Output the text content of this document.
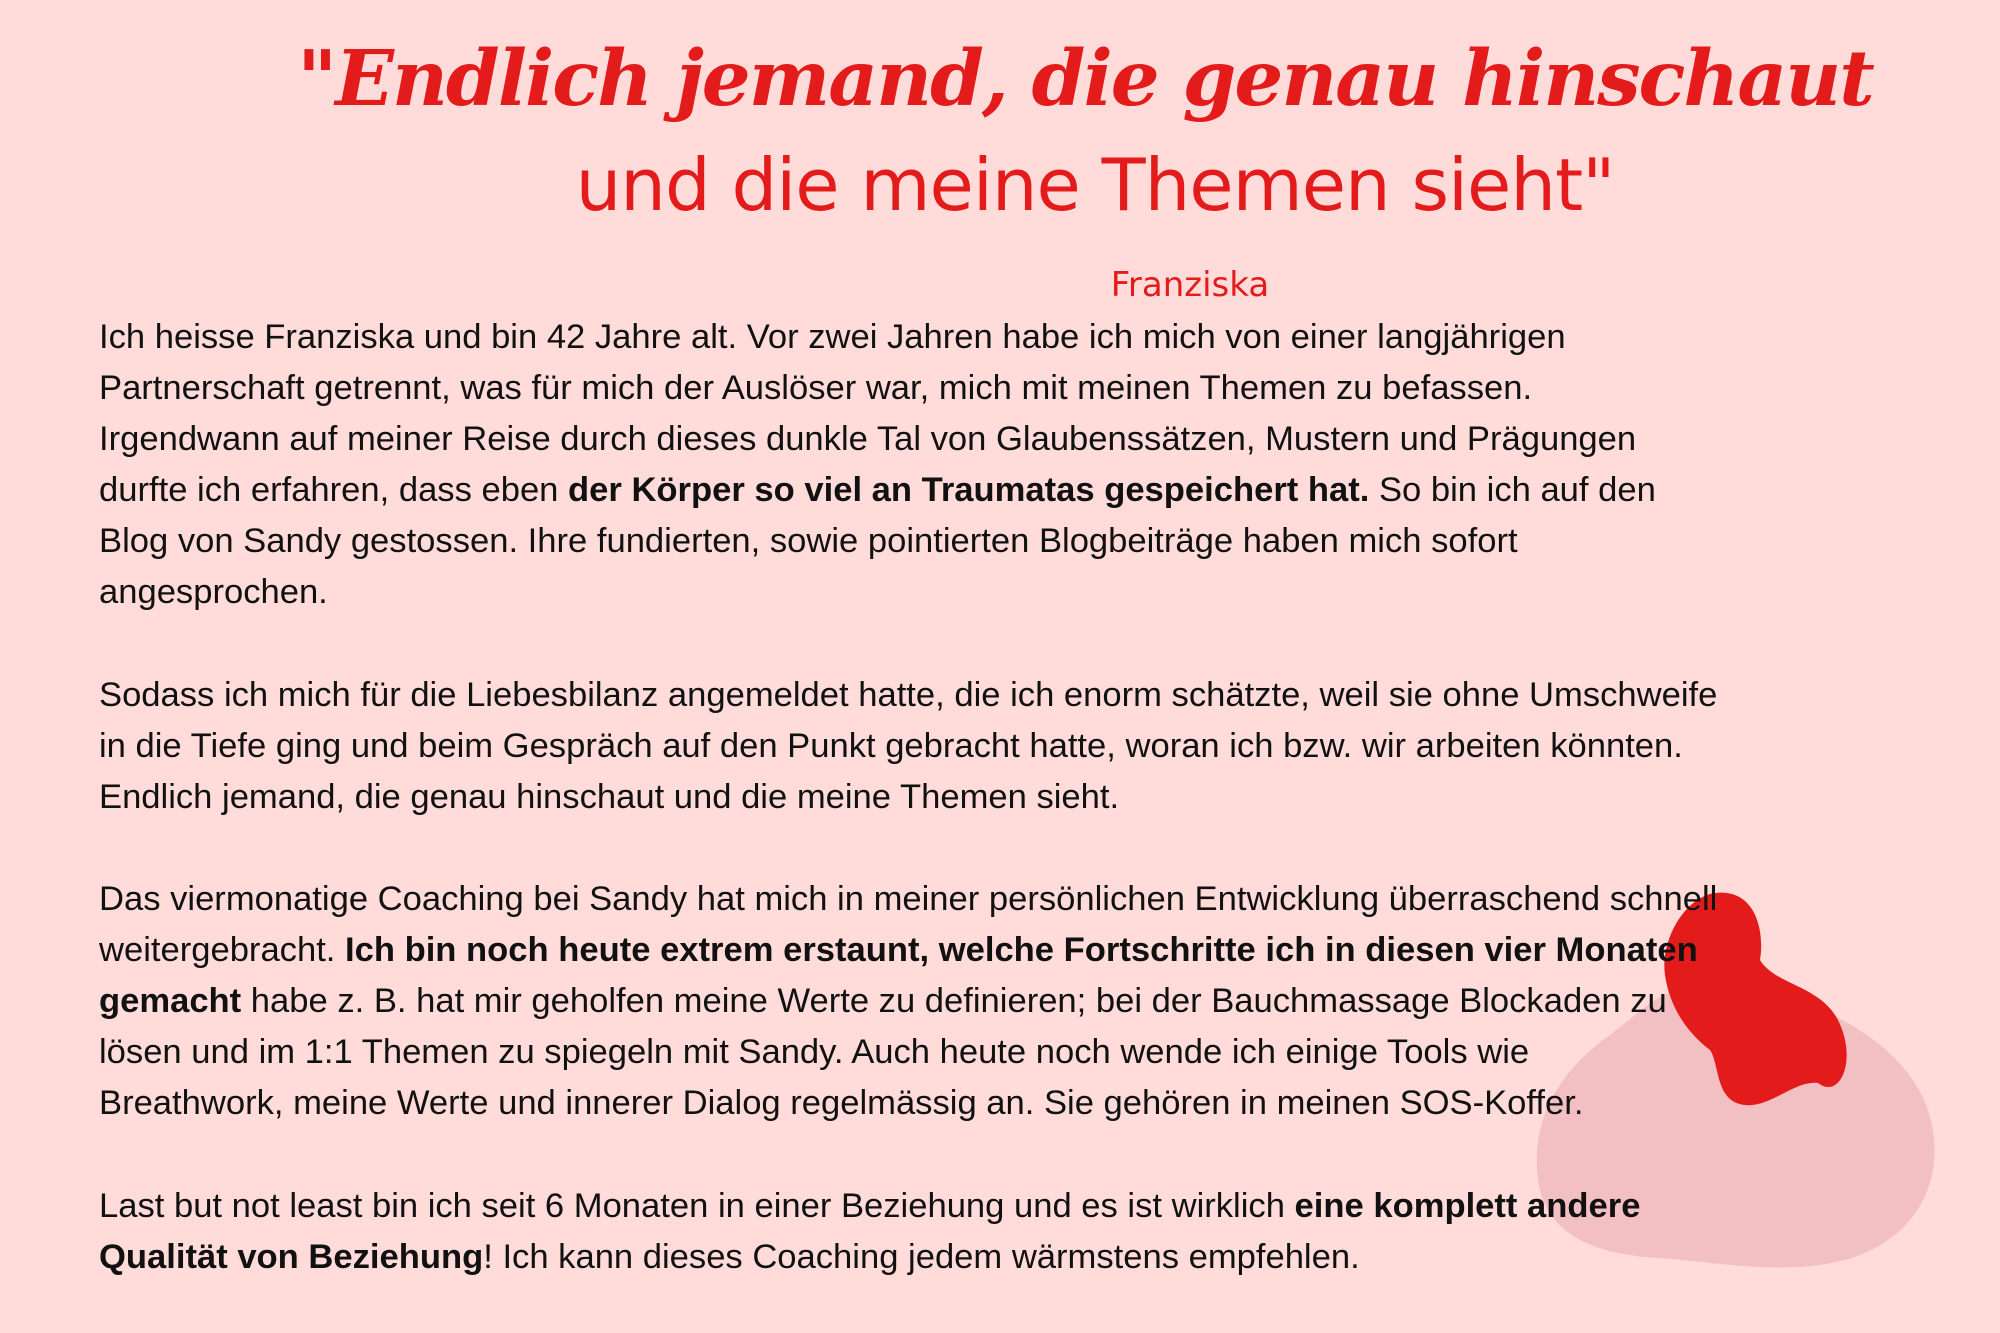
"Endlich jemand, die genau hinschaut
und die meine Themen sieht"
Franziska

Ich heisse Franziska und bin 42 Jahre alt. Vor zwei Jahren habe ich mich von einer langjährigen
Partnerschaft getrennt, was für mich der Auslöser war, mich mit meinen Themen zu befassen.
Irgendwann auf meiner Reise durch dieses dunkle Tal von Glaubenssätzen, Mustern und Prägungen
durfte ich erfahren, dass eben der Körper so viel an Traumatas gespeichert hat. So bin ich auf den
Blog von Sandy gestossen. Ihre fundierten, sowie pointierten Blogbeiträge haben mich sofort
angesprochen.

Sodass ich mich für die Liebesbilanz angemeldet hatte, die ich enorm schätzte, weil sie ohne Umschweife
in die Tiefe ging und beim Gespräch auf den Punkt gebracht hatte, woran ich bzw. wir arbeiten könnten.
Endlich jemand, die genau hinschaut und die meine Themen sieht.

Das viermonatige Coaching bei Sandy hat mich in meiner persönlichen Entwicklung überraschend schnell
weitergebracht. Ich bin noch heute extrem erstaunt, welche Fortschritte ich in diesen vier Monaten
gemacht habe z. B. hat mir geholfen meine Werte zu definieren; bei der Bauchmassage Blockaden zu
lösen und im 1:1 Themen zu spiegeln mit Sandy. Auch heute noch wende ich einige Tools wie
Breathwork, meine Werte und innerer Dialog regelmässig an. Sie gehören in meinen SOS-Koffer.

Last but not least bin ich seit 6 Monaten in einer Beziehung und es ist wirklich eine komplett andere
Qualität von Beziehung! Ich kann dieses Coaching jedem wärmstens empfehlen.
